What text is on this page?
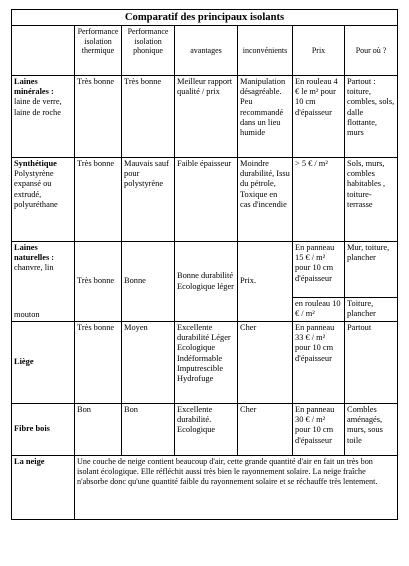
Comparatif des principaux isolants						
	Performance isolation thermique	Performance isolation phonique	avantages	inconvénients	Prix	Pour où ?
Laines minérales :
laine de verre, laine de roche	Très bonne	Très bonne	Meilleur rapport qualité / prix	Manipulation désagréable. Peu recommandé dans un lieu humide	En rouleau 4 € le m² pour 10 cm d'épaisseur	Partout : toiture, combles, sols, dalle flottante, murs
Synthétique
Polystyrène expansé ou extrudé, polyuréthane	Très bonne	Mauvais sauf pour polystyrène	Faible épaisseur	Moindre durabilité, Issu du pétrole, Toxique en cas d'incendie	> 5 € / m²	Sols, murs, combles habitables , toiture-terrasse
Laines naturelles :
chanvre, lin
mouton	Très bonne	Bonne	Bonne durabilité Ecologique léger	Prix.	En panneau 15 € / m² pour 10 cm d'épaisseur	Mur, toiture, plancher
					en rouleau 10 € / m²	Toiture, plancher
Liège	Très bonne	Moyen	Excellente durabilité Léger Ecologique Indéformable Imputrescible Hydrofuge	Cher	En panneau 33 € / m² pour 10 cm d'épaisseur	Partout
Fibre bois	Bon	Bon	Excellente durabilité. Ecologique	Cher	En panneau 30 € / m² pour 10 cm d'épaisseur	Combles aménagés, murs, sous toile
La neige	Une couche de neige contient beaucoup d'air, cette grande quantité d'air en fait un très bon isolant écologique. Elle réfléchit aussi très bien le rayonnement solaire. La neige fraîche n'absorbe donc qu'une quantité faible du rayonnement solaire et se réchauffe très lentement.					
